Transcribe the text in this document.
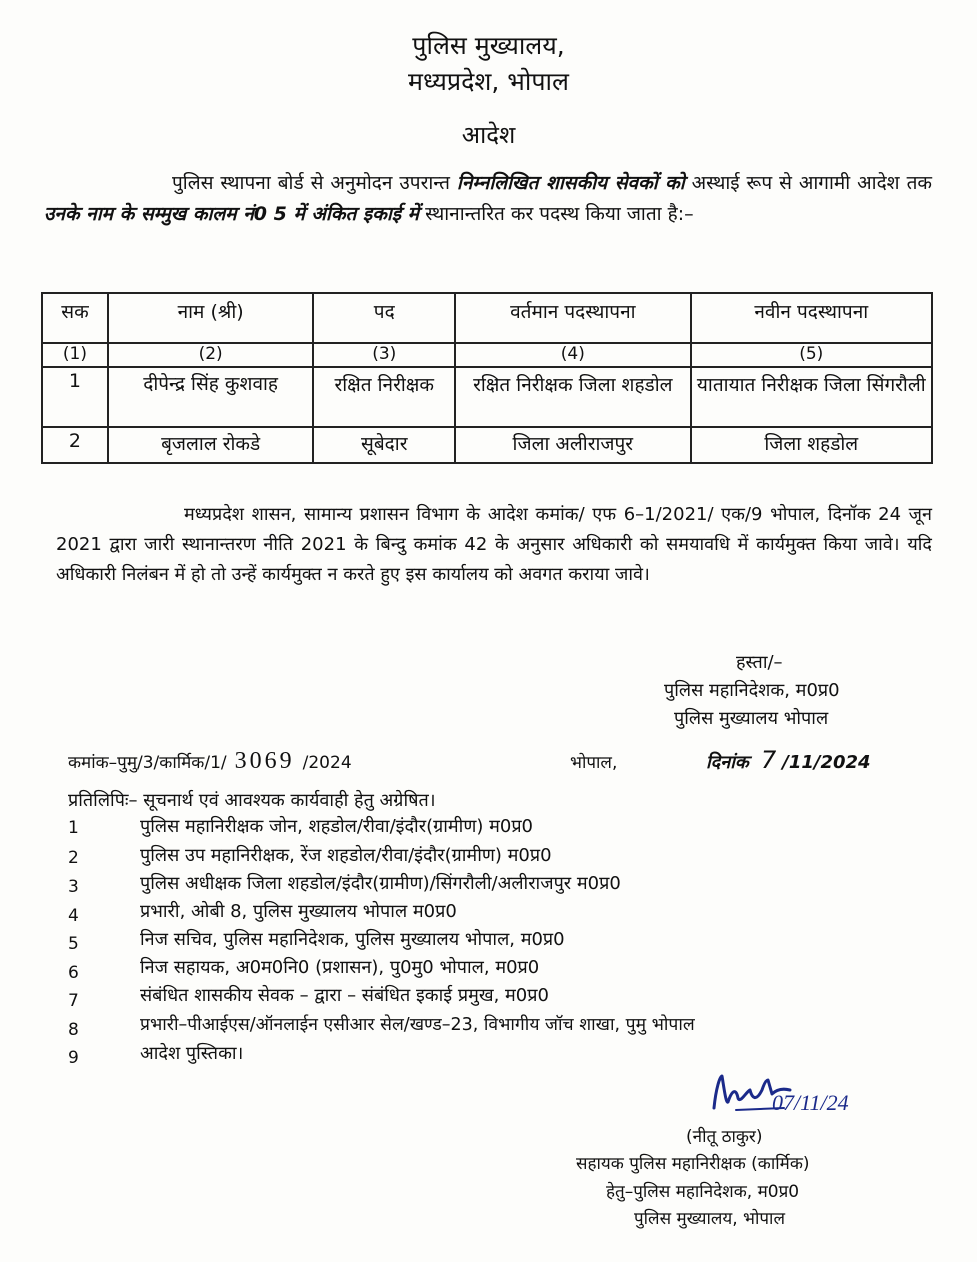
पुलिस मुख्यालय,
मध्यप्रदेश, भोपाल
आदेश
पुलिस स्थापना बोर्ड से अनुमोदन उपरान्त निम्नलिखित शासकीय सेवकों को अस्थाई रूप से आगामी आदेश तक उनके नाम के सम्मुख कालम नं0 5 में अंकित इकाई में स्थानान्तरित कर पदस्थ किया जाता है:–
सक	नाम (श्री)	पद	वर्तमान पदस्थापना	नवीन पदस्थापना
(1)	(2)	(3)	(4)	(5)
1	दीपेन्द्र सिंह कुशवाह	रक्षित निरीक्षक	रक्षित निरीक्षक जिला शहडोल	यातायात निरीक्षक जिला सिंगरौली
2	बृजलाल रोकडे	सूबेदार	जिला अलीराजपुर	जिला शहडोल
मध्यप्रदेश शासन, सामान्य प्रशासन विभाग के आदेश कमांक/ एफ 6–1/2021/ एक/9 भोपाल, दिनॉक 24 जून 2021 द्वारा जारी स्थानान्तरण नीति 2021 के बिन्दु कमांक 42 के अनुसार अधिकारी को समयावधि में कार्यमुक्त किया जावे। यदि अधिकारी निलंबन में हो तो उन्हें कार्यमुक्त न करते हुए इस कार्यालय को अवगत कराया जावे।
हस्ता/–
पुलिस महानिदेशक, म0प्र0
पुलिस मुख्यालय भोपाल
कमांक–पुमु/3/कार्मिक/1/ 3069 /2024	भोपाल,	दिनांक 7 /11/2024
प्रतिलिपिः– सूचनार्थ एवं आवश्यक कार्यवाही हेतु अग्रेषित।
1	पुलिस महानिरीक्षक जोन, शहडोल/रीवा/इंदौर(ग्रामीण) म0प्र0
2	पुलिस उप महानिरीक्षक, रेंज शहडोल/रीवा/इंदौर(ग्रामीण) म0प्र0
3	पुलिस अधीक्षक जिला शहडोल/इंदौर(ग्रामीण)/सिंगरौली/अलीराजपुर म0प्र0
4	प्रभारी, ओबी 8, पुलिस मुख्यालय भोपाल म0प्र0
5	निज सचिव, पुलिस महानिदेशक, पुलिस मुख्यालय भोपाल, म0प्र0
6	निज सहायक, अ0म0नि0 (प्रशासन), पु0मु0 भोपाल, म0प्र0
7	संबंधित शासकीय सेवक – द्वारा – संबंधित इकाई प्रमुख, म0प्र0
8	प्रभारी–पीआईएस/ऑनलाईन एसीआर सेल/खण्ड–23, विभागीय जॉच शाखा, पुमु भोपाल
9	आदेश पुस्तिका।
07/11/24
(नीतू ठाकुर)
सहायक पुलिस महानिरीक्षक (कार्मिक)
हेतु–पुलिस महानिदेशक, म0प्र0
पुलिस मुख्यालय, भोपाल
